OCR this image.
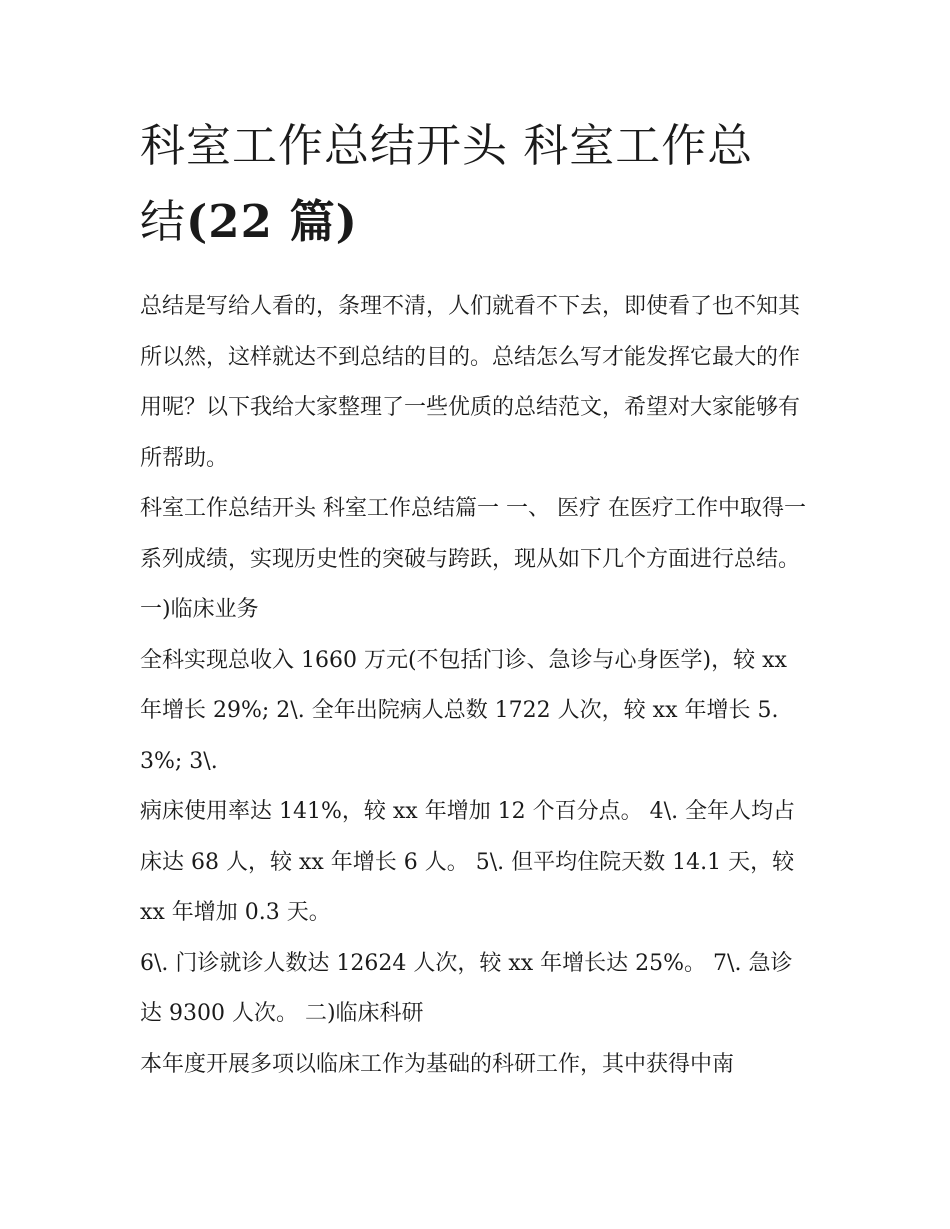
科室工作总结开头 科室工作总
结(22 篇)

总结是写给人看的，条理不清，人们就看不下去，即使看了也不知其所以然，这样就达不到总结的目的。总结怎么写才能发挥它最大的作用呢？以下我给大家整理了一些优质的总结范文，希望对大家能够有所帮助。

科室工作总结开头 科室工作总结篇一 一、 医疗 在医疗工作中取得一系列成绩，实现历史性的突破与跨跃，现从如下几个方面进行总结。 一)临床业务

全科实现总收入 1660 万元(不包括门诊、急诊与心身医学)，较 xx 年增长 29%; 2\. 全年出院病人总数 1722 人次，较 xx 年增长 5.3%; 3\.

病床使用率达 141%，较 xx 年增加 12 个百分点。 4\. 全年人均占床达 68 人，较 xx 年增长 6 人。 5\. 但平均住院天数 14.1 天，较 xx 年增加 0.3 天。

6\. 门诊就诊人数达 12624 人次，较 xx 年增长达 25%。 7\. 急诊达 9300 人次。 二)临床科研

本年度开展多项以临床工作为基础的科研工作，其中获得中南
